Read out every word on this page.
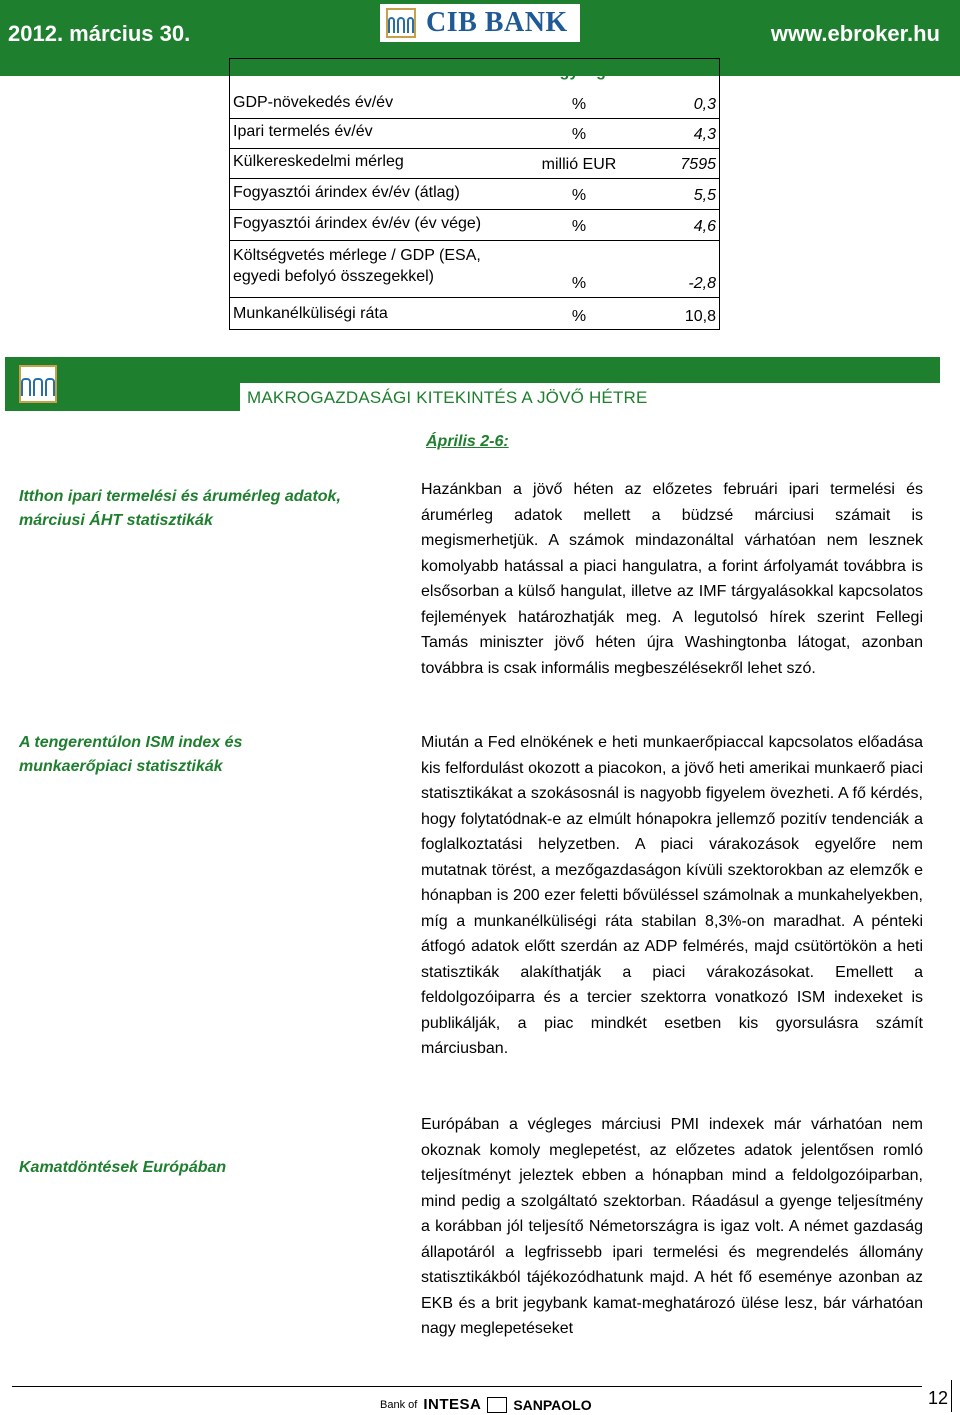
2012. március 30.	CIB BANK	www.ebroker.hu
Egység	2012
GDP-növekedés év/év	%	0,3
Ipari termelés év/év	%	4,3
Külkereskedelmi mérleg	millió EUR	7595
Fogyasztói árindex év/év (átlag)	%	5,5
Fogyasztói árindex év/év (év vége)	%	4,6
Költségvetés mérlege / GDP (ESA, egyedi befolyó összegekkel)	%	-2,8
Munkanélküliségi ráta	%	10,8
MAKROGAZDASÁGI KITEKINTÉS A JÖVŐ HÉTRE
Április 2-6:
Itthon ipari termelési és árumérleg adatok, márciusi ÁHT statisztikák
Hazánkban a jövő héten az előzetes februári ipari termelési és árumérleg adatok mellett a büdzsé márciusi számait is megismerhetjük. A számok mindazonáltal várhatóan nem lesznek komolyabb hatással a piaci hangulatra, a forint árfolyamát továbbra is elsősorban a külső hangulat, illetve az IMF tárgyalásokkal kapcsolatos fejlemények határozhatják meg. A legutolsó hírek szerint Fellegi Tamás miniszter jövő héten újra Washingtonba látogat, azonban továbbra is csak informális megbeszélésekről lehet szó.
A tengerentúlon ISM index és munkaerőpiaci statisztikák
Miután a Fed elnökének e heti munkaerőpiaccal kapcsolatos előadása kis felfordulást okozott a piacokon, a jövő heti amerikai munkaerő piaci statisztikákat a szokásosnál is nagyobb figyelem övezheti. A fő kérdés, hogy folytatódnak-e az elmúlt hónapokra jellemző pozitív tendenciák a foglalkoztatási helyzetben. A piaci várakozások egyelőre nem mutatnak törést, a mezőgazdaságon kívüli szektorokban az elemzők e hónapban is 200 ezer feletti bővüléssel számolnak a munkahelyekben, míg a munkanélküliségi ráta stabilan 8,3%-on maradhat. A pénteki átfogó adatok előtt szerdán az ADP felmérés, majd csütörtökön a heti statisztikák alakíthatják a piaci várakozásokat. Emellett a feldolgozóiparra és a tercier szektorra vonatkozó ISM indexeket is publikálják, a piac mindkét esetben kis gyorsulásra számít márciusban.
Kamatdöntések Európában
Európában a végleges márciusi PMI indexek már várhatóan nem okoznak komoly meglepetést, az előzetes adatok jelentősen romló teljesítményt jeleztek ebben a hónapban mind a feldolgozóiparban, mind pedig a szolgáltató szektorban. Ráadásul a gyenge teljesítmény a korábban jól teljesítő Németországra is igaz volt. A német gazdaság állapotáról a legfrissebb ipari termelési és megrendelés állomány statisztikákból tájékozódhatunk majd. A hét fő eseménye azonban az EKB és a brit jegybank kamat-meghatározó ülése lesz, bár várhatóan nagy meglepetéseket
Bank of INTESA SANPAOLO	12
